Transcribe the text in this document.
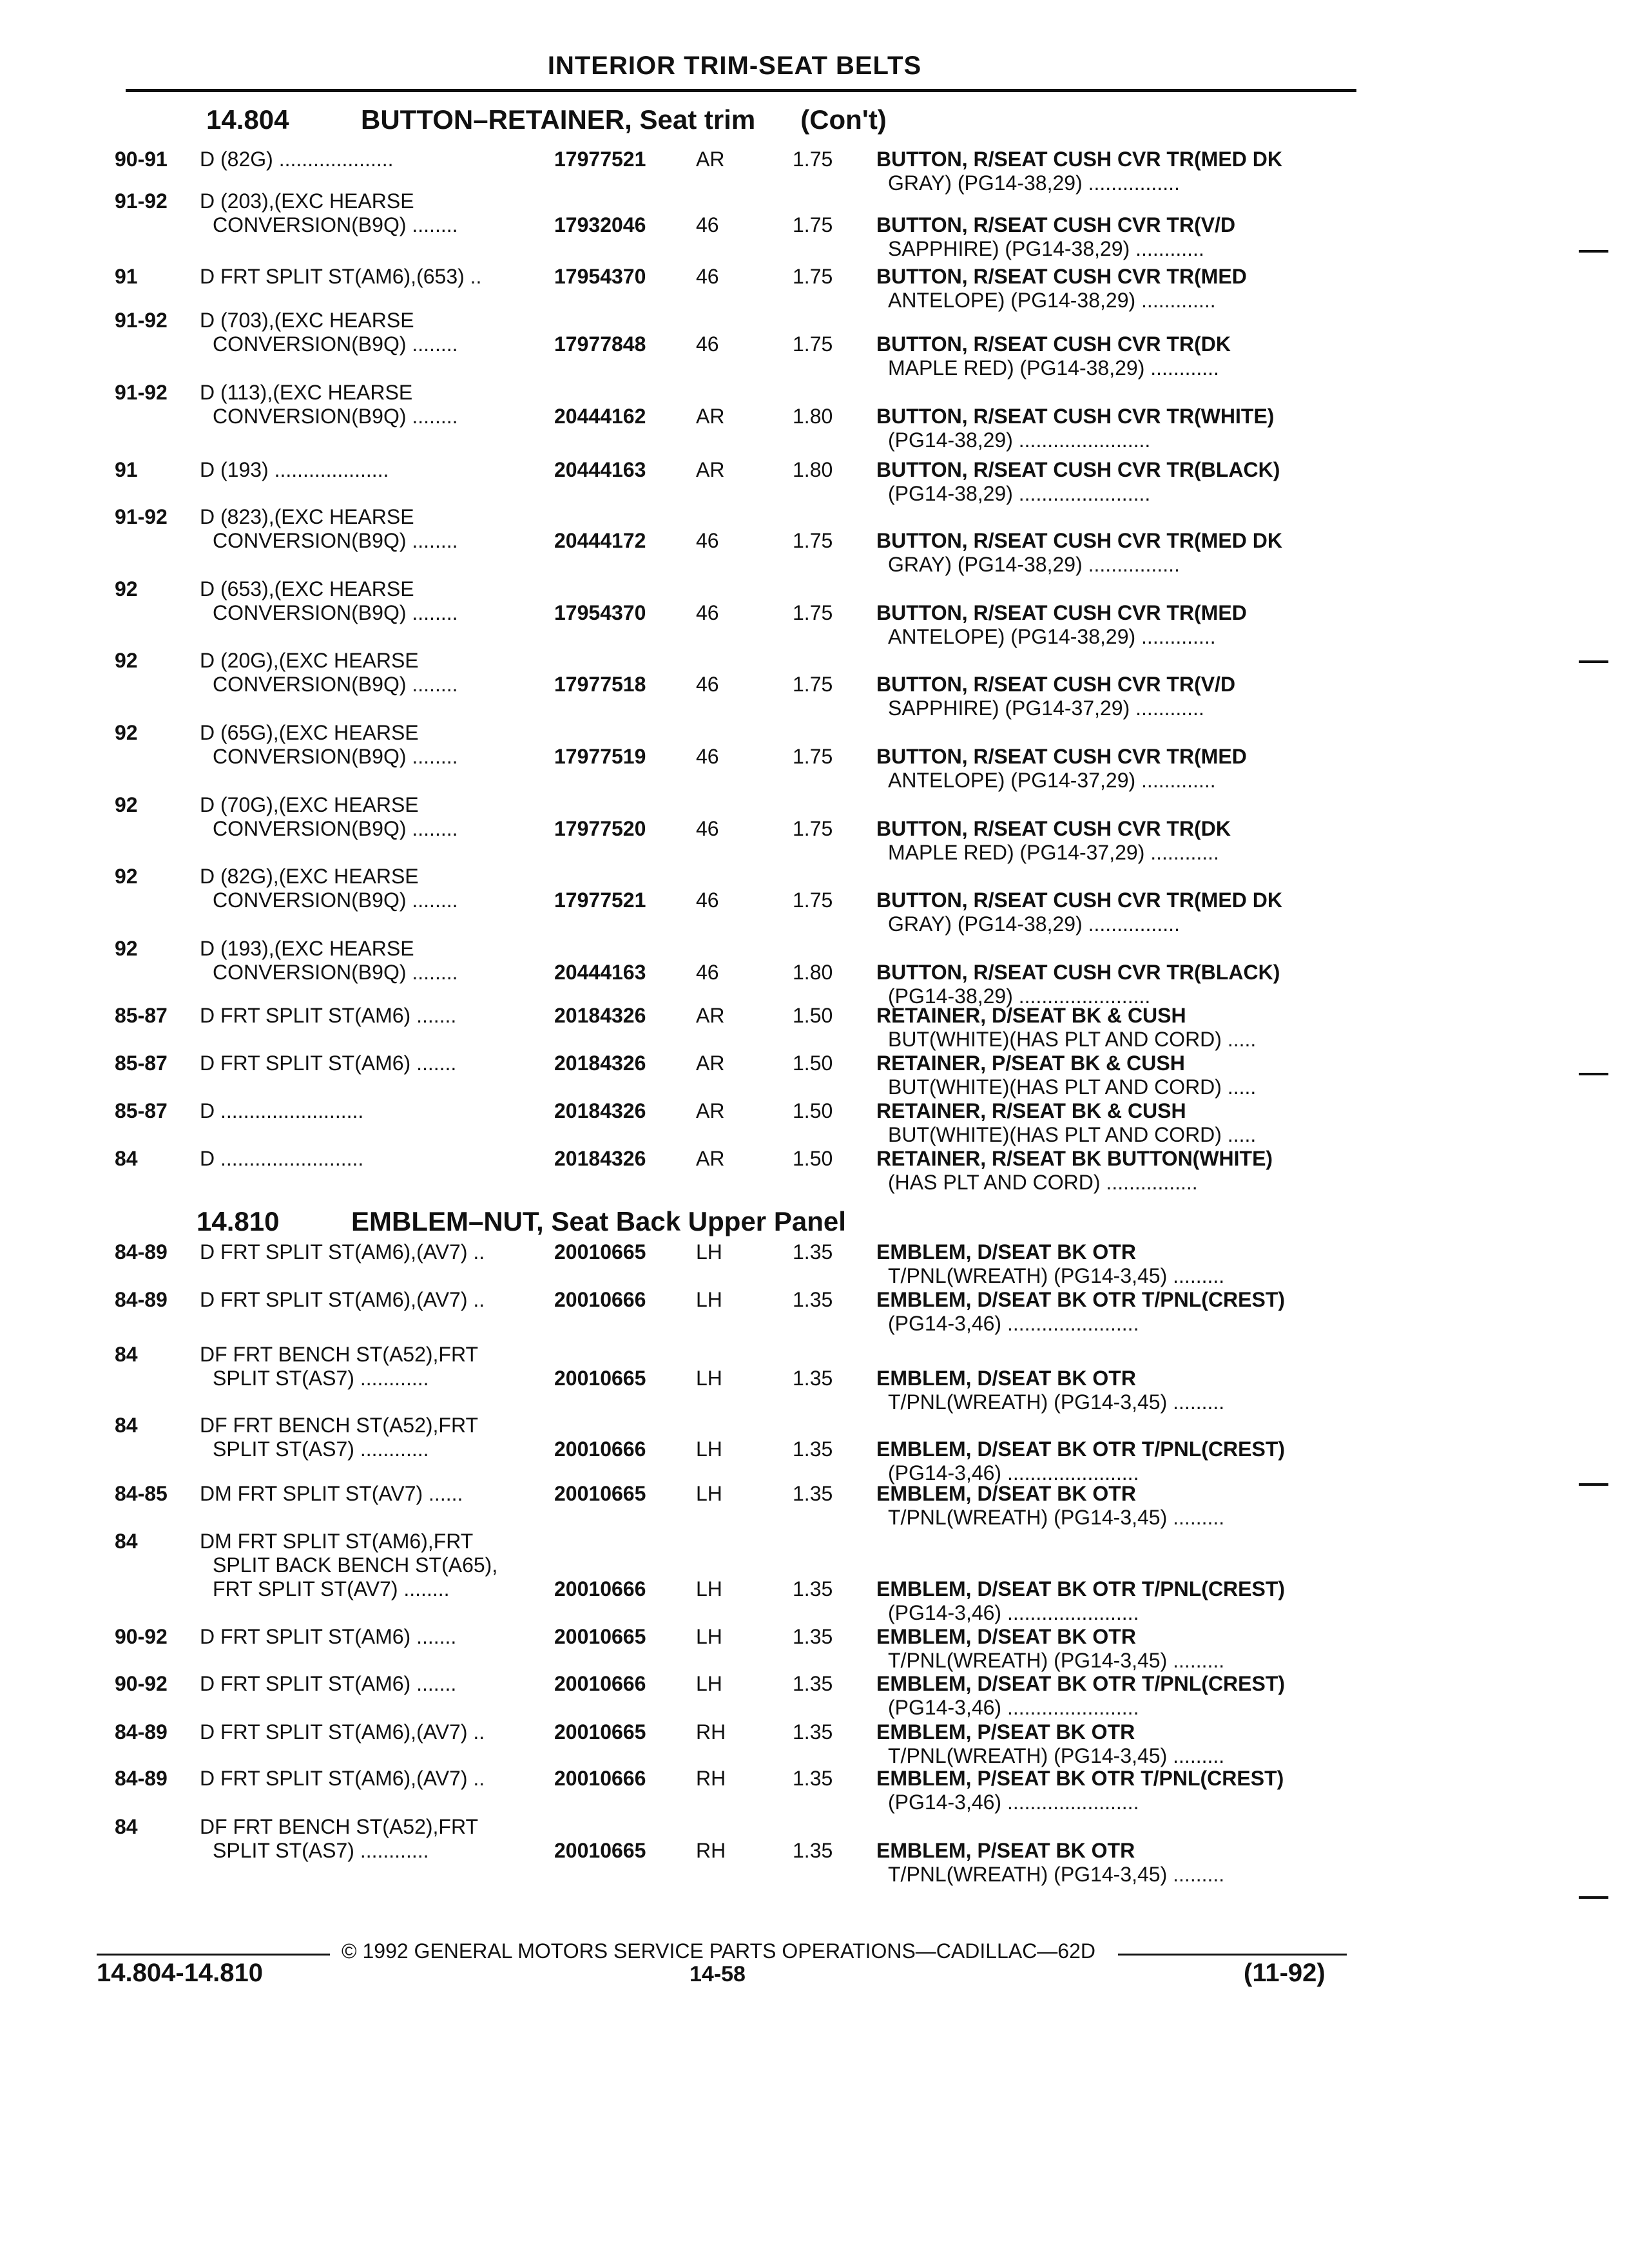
INTERIOR TRIM-SEAT BELTS
14.804	BUTTON–RETAINER, Seat trim (Con't)
14.810	EMBLEM–NUT, Seat Back Upper Panel
90-91 D (82G) ....................	17977521 AR	1.75 BUTTON, R/SEAT CUSH CVR TR(MED DK
GRAY) (PG14-38,29) ................
91-92 D (203),(EXC HEARSE
CONVERSION(B9Q) ........	17932046 46	1.75 BUTTON, R/SEAT CUSH CVR TR(V/D
SAPPHIRE) (PG14-38,29) ............
91	D FRT SPLIT ST(AM6),(653) ..	17954370 46	1.75 BUTTON, R/SEAT CUSH CVR TR(MED
ANTELOPE) (PG14-38,29) .............
91-92 D (703),(EXC HEARSE
CONVERSION(B9Q) ........	17977848 46	1.75 BUTTON, R/SEAT CUSH CVR TR(DK
MAPLE RED) (PG14-38,29) ............
91-92 D (113),(EXC HEARSE
CONVERSION(B9Q) ........	20444162 AR	1.80 BUTTON, R/SEAT CUSH CVR TR(WHITE)
(PG14-38,29) .......................
91	D (193) ....................	20444163 AR	1.80 BUTTON, R/SEAT CUSH CVR TR(BLACK)
(PG14-38,29) .......................
91-92 D (823),(EXC HEARSE
CONVERSION(B9Q) ........	20444172 46	1.75 BUTTON, R/SEAT CUSH CVR TR(MED DK
GRAY) (PG14-38,29) ................
92	D (653),(EXC HEARSE
CONVERSION(B9Q) ........	17954370 46	1.75 BUTTON, R/SEAT CUSH CVR TR(MED
ANTELOPE) (PG14-38,29) .............
92	D (20G),(EXC HEARSE
CONVERSION(B9Q) ........	17977518 46	1.75 BUTTON, R/SEAT CUSH CVR TR(V/D
SAPPHIRE) (PG14-37,29) ............
92	D (65G),(EXC HEARSE
CONVERSION(B9Q) ........	17977519 46	1.75 BUTTON, R/SEAT CUSH CVR TR(MED
ANTELOPE) (PG14-37,29) .............
92	D (70G),(EXC HEARSE
CONVERSION(B9Q) ........	17977520 46	1.75 BUTTON, R/SEAT CUSH CVR TR(DK
MAPLE RED) (PG14-37,29) ............
92	D (82G),(EXC HEARSE
CONVERSION(B9Q) ........	17977521 46	1.75 BUTTON, R/SEAT CUSH CVR TR(MED DK
GRAY) (PG14-38,29) ................
92	D (193),(EXC HEARSE
CONVERSION(B9Q) ........	20444163 46	1.80 BUTTON, R/SEAT CUSH CVR TR(BLACK)
(PG14-38,29) .......................
85-87 D FRT SPLIT ST(AM6) .......	20184326 AR	1.50 RETAINER, D/SEAT BK & CUSH
BUT(WHITE)(HAS PLT AND CORD) .....
85-87 D FRT SPLIT ST(AM6) .......	20184326 AR	1.50 RETAINER, P/SEAT BK & CUSH
BUT(WHITE)(HAS PLT AND CORD) .....
85-87 D .........................	20184326 AR	1.50 RETAINER, R/SEAT BK & CUSH
BUT(WHITE)(HAS PLT AND CORD) .....
84	D .........................	20184326 AR	1.50 RETAINER, R/SEAT BK BUTTON(WHITE)
(HAS PLT AND CORD) ................
84-89 D FRT SPLIT ST(AM6),(AV7) ..	20010665 LH	1.35 EMBLEM, D/SEAT BK OTR
T/PNL(WREATH) (PG14-3,45) .........
84-89 D FRT SPLIT ST(AM6),(AV7) ..	20010666 LH	1.35 EMBLEM, D/SEAT BK OTR T/PNL(CREST)
(PG14-3,46) .......................
84	DF FRT BENCH ST(A52),FRT
SPLIT ST(AS7) ............	20010665 LH	1.35 EMBLEM, D/SEAT BK OTR
T/PNL(WREATH) (PG14-3,45) .........
84	DF FRT BENCH ST(A52),FRT
SPLIT ST(AS7) ............	20010666 LH	1.35 EMBLEM, D/SEAT BK OTR T/PNL(CREST)
(PG14-3,46) .......................
84-85 DM FRT SPLIT ST(AV7) ......	20010665 LH	1.35 EMBLEM, D/SEAT BK OTR
T/PNL(WREATH) (PG14-3,45) .........
84	DM FRT SPLIT ST(AM6),FRT
SPLIT BACK BENCH ST(A65),
FRT SPLIT ST(AV7) ........	20010666 LH	1.35 EMBLEM, D/SEAT BK OTR T/PNL(CREST)
(PG14-3,46) .......................
90-92 D FRT SPLIT ST(AM6) .......	20010665 LH	1.35 EMBLEM, D/SEAT BK OTR
T/PNL(WREATH) (PG14-3,45) .........
90-92 D FRT SPLIT ST(AM6) .......	20010666 LH	1.35 EMBLEM, D/SEAT BK OTR T/PNL(CREST)
(PG14-3,46) .......................
84-89 D FRT SPLIT ST(AM6),(AV7) ..	20010665 RH	1.35 EMBLEM, P/SEAT BK OTR
T/PNL(WREATH) (PG14-3,45) .........
84-89 D FRT SPLIT ST(AM6),(AV7) ..	20010666 RH	1.35 EMBLEM, P/SEAT BK OTR T/PNL(CREST)
(PG14-3,46) .......................
84	DF FRT BENCH ST(A52),FRT
SPLIT ST(AS7) ............	20010665 RH	1.35 EMBLEM, P/SEAT BK OTR
T/PNL(WREATH) (PG14-3,45) .........
© 1992 GENERAL MOTORS SERVICE PARTS OPERATIONS—CADILLAC—62D
14.804-14.810	14-58	(11-92)
